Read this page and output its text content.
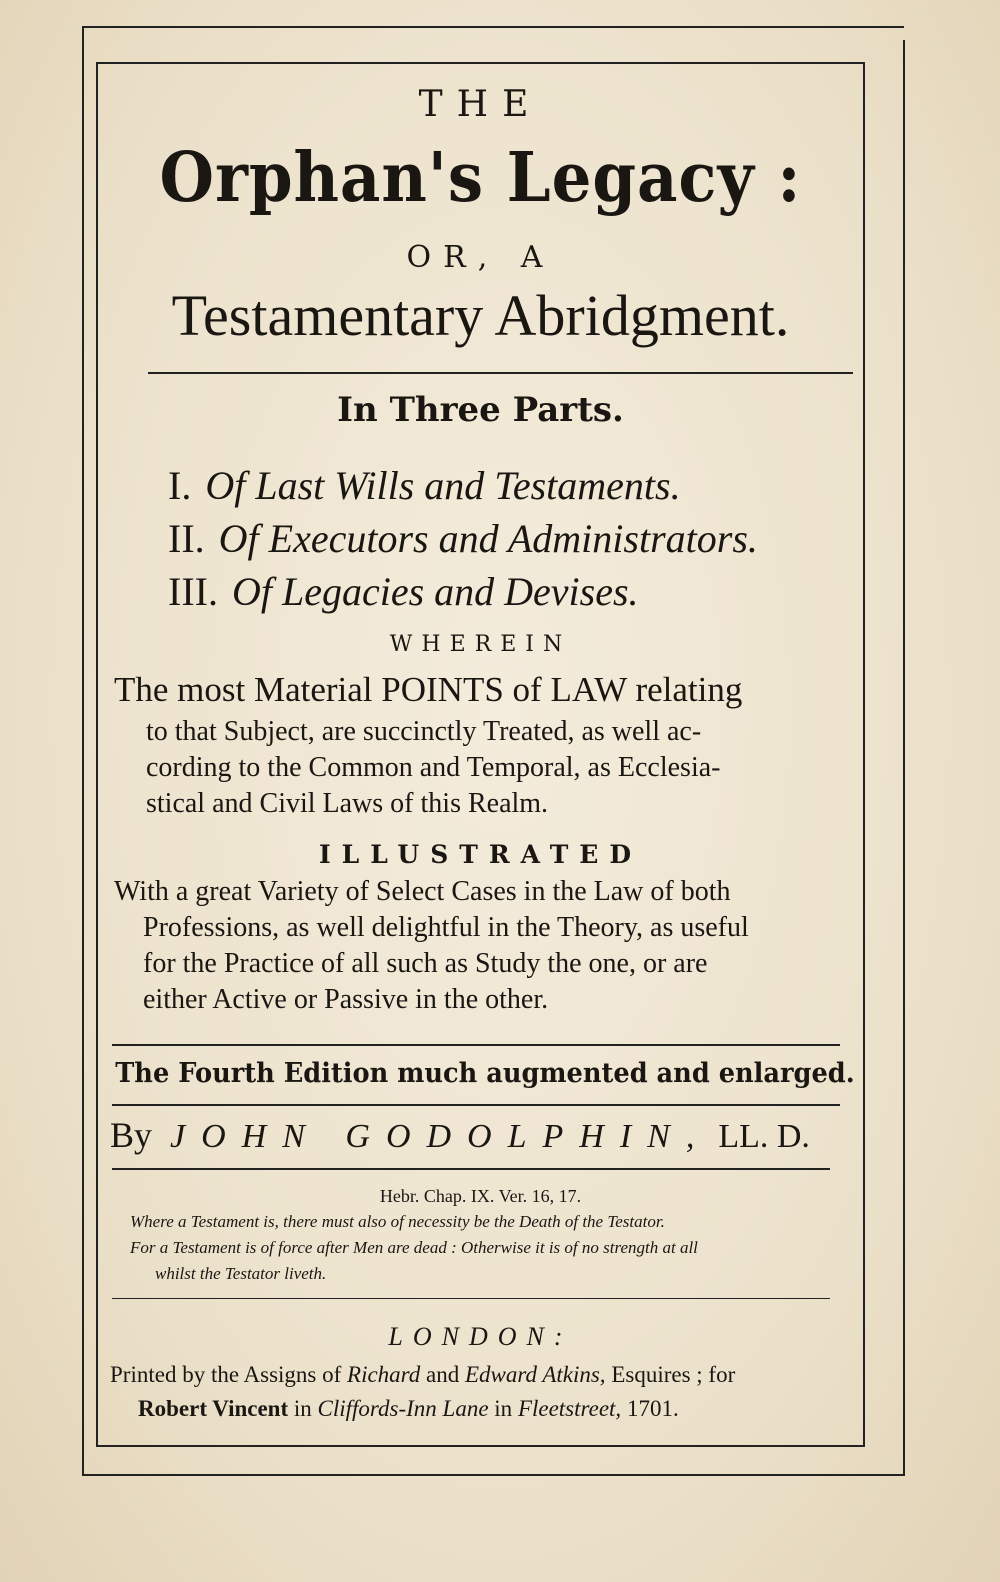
THE
Orphan's Legacy :
OR, A
Testamentary Abridgment.
In Three Parts.
I. Of Last Wills and Testaments.
II. Of Executors and Administrators.
III. Of Legacies and Devises.
WHEREIN
The most Material POINTS of LAW relating
to that Subject, are succinctly Treated, as well ac-
cording to the Common and Temporal, as Ecclesia-
stical and Civil Laws of this Realm.
ILLUSTRATED
With a great Variety of Select Cases in the Law of both
Professions, as well delightful in the Theory, as useful
for the Practice of all such as Study the one, or are
either Active or Passive in the other.
The Fourth Edition much augmented and enlarged.
By JOHN GODOLPHIN, LL. D.
Hebr. Chap. IX. Ver. 16, 17.
Where a Testament is, there must also of necessity be the Death of the Testator.
For a Testament is of force after Men are dead : Otherwise it is of no strength at all
whilst the Testator liveth.
LONDON:
Printed by the Assigns of Richard and Edward Atkins, Esquires ; for
Robert Vincent in Cliffords-Inn Lane in Fleetstreet, 1701.
